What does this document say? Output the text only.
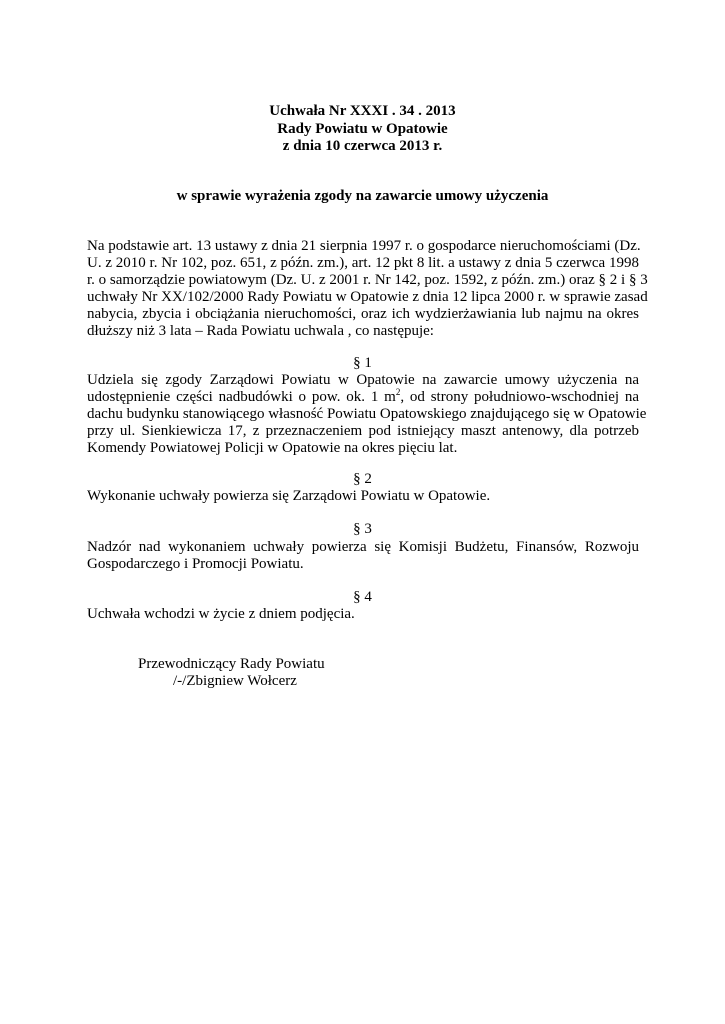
Uchwała Nr XXXI . 34 . 2013
Rady Powiatu w Opatowie
z dnia 10 czerwca 2013 r.
w sprawie wyrażenia zgody na zawarcie umowy użyczenia
Na podstawie art. 13 ustawy z dnia 21 sierpnia 1997 r. o gospodarce nieruchomościami (Dz.
U. z 2010 r. Nr 102, poz. 651, z późn. zm.), art. 12 pkt 8 lit. a ustawy z dnia 5 czerwca 1998
r. o samorządzie powiatowym (Dz. U. z 2001 r. Nr 142, poz. 1592, z późn. zm.) oraz § 2 i § 3
uchwały Nr XX/102/2000 Rady Powiatu w Opatowie z dnia 12 lipca 2000 r. w sprawie zasad
nabycia, zbycia i obciążania nieruchomości, oraz ich wydzierżawiania lub najmu na okres
dłuższy niż 3 lata – Rada Powiatu uchwala , co następuje:
§ 1
Udziela się zgody Zarządowi Powiatu w Opatowie na zawarcie umowy użyczenia na
udostępnienie części nadbudówki o pow. ok. 1 $m^2$, od strony południowo-wschodniej na
dachu budynku stanowiącego własność Powiatu Opatowskiego znajdującego się w Opatowie
przy ul. Sienkiewicza 17, z przeznaczeniem pod istniejący maszt antenowy, dla potrzeb
Komendy Powiatowej Policji w Opatowie na okres pięciu lat.
§ 2
Wykonanie uchwały powierza się Zarządowi Powiatu w Opatowie.
§ 3
Nadzór nad wykonaniem uchwały powierza się Komisji Budżetu, Finansów, Rozwoju
Gospodarczego i Promocji Powiatu.
§ 4
Uchwała wchodzi w życie z dniem podjęcia.
Przewodniczący Rady Powiatu
/-/Zbigniew Wołcerz
